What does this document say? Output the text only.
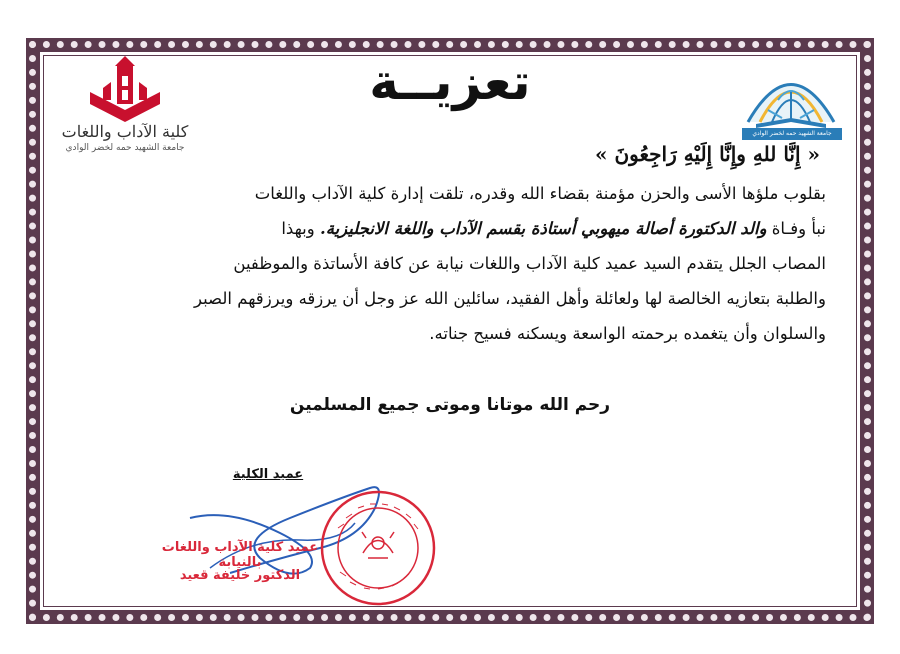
كلية الآداب واللغات
جامعة الشهيد حمه لخضر الوادي
جامعة الشهيد حمه لخضر الوادي
تعزيــة
« إِنَّا للهِ وإِنَّا إِلَيْهِ رَاجِعُونَ »
بقلوب ملؤها الأسى والحزن مؤمنة بقضاء الله وقدره، تلقت إدارة كلية الآداب واللغات
نبأ وفـاة والد الدكتورة أصالة ميهوبي أستاذة بقسم الآداب واللغة الانجليزية. وبهذا
المصاب الجلل يتقدم السيد عميد كلية الآداب واللغات نيابة عن كافة الأساتذة والموظفين
والطلبة بتعازيه الخالصة لها ولعائلة وأهل الفقيد، سائلين الله عز وجل أن يرزقه ويرزقهم الصبر
والسلوان وأن يتغمده برحمته الواسعة ويسكنه فسيح جناته.
رحم الله موتانا وموتى جميع المسلمين
عميد الكلية
عميد كلية الآداب واللغات بالنيابة
الدكتور خليفة قعيد
